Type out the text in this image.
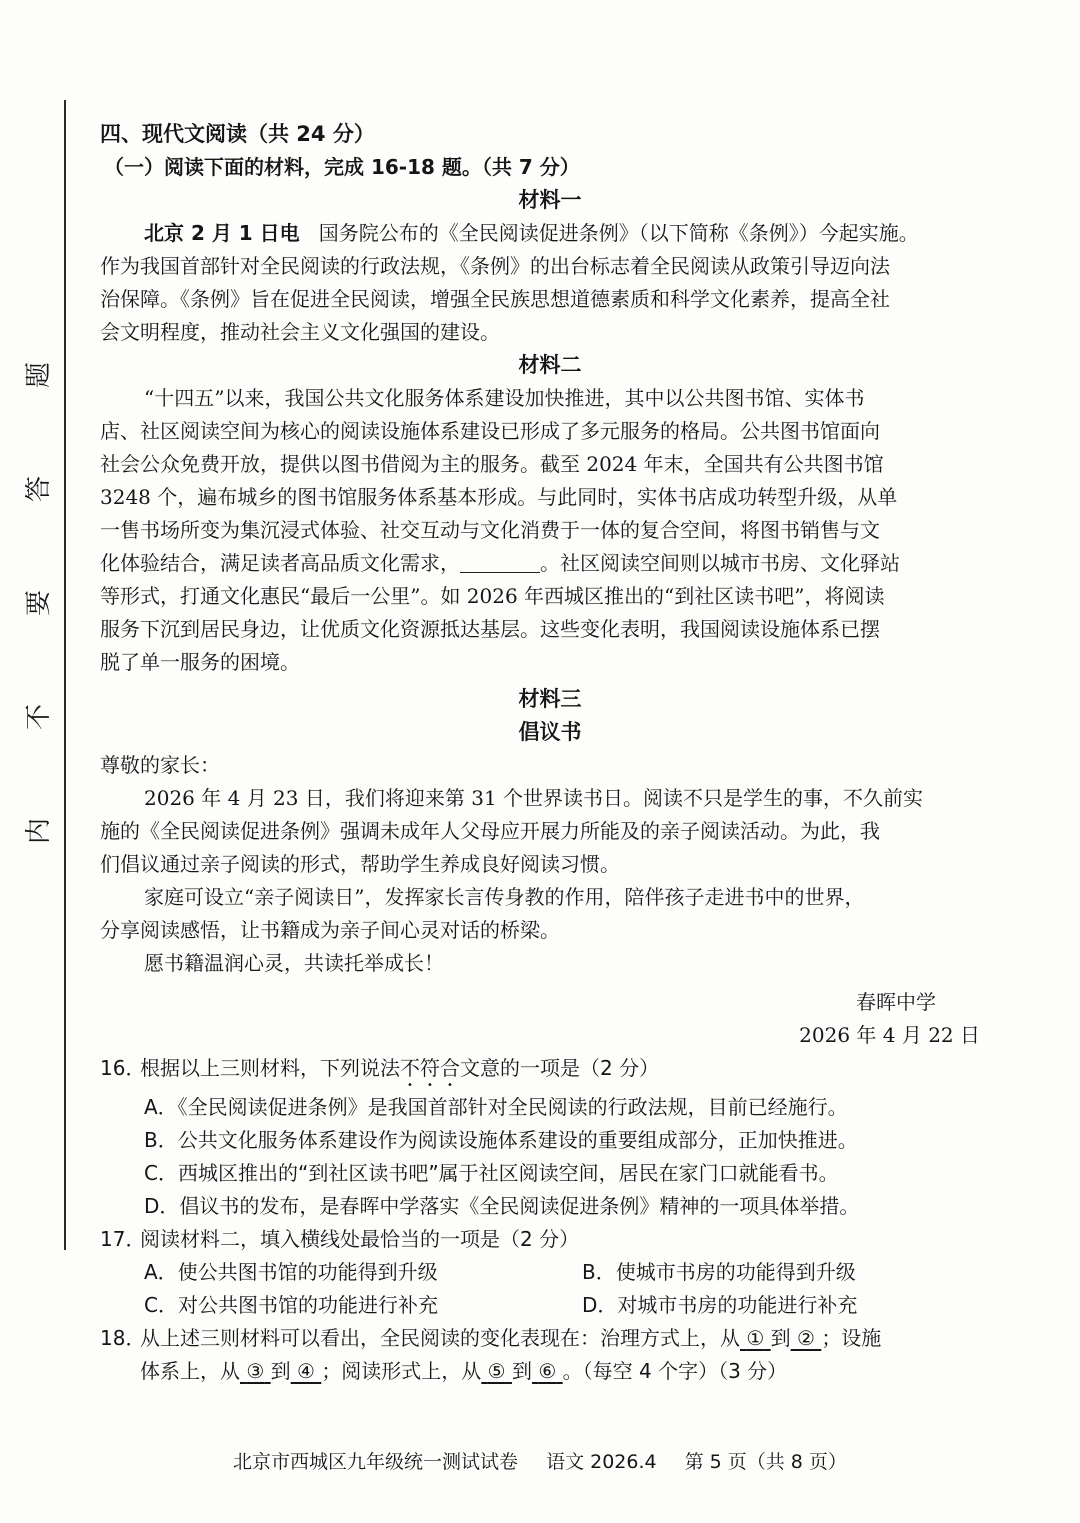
题
答
要
不
内

四、现代文阅读（共 24 分）

（一）阅读下面的材料，完成 16-18 题。（共 7 分）

材料一

北京 2 月 1 日电 国务院公布的《全民阅读促进条例》（以下简称《条例》）今起实施。

作为我国首部针对全民阅读的行政法规，《条例》的出台标志着全民阅读从政策引导迈向法

治保障。《条例》旨在促进全民阅读，增强全民族思想道德素质和科学文化素养，提高全社

会文明程度，推动社会主义文化强国的建设。

材料二

“十四五”以来，我国公共文化服务体系建设加快推进，其中以公共图书馆、实体书

店、社区阅读空间为核心的阅读设施体系建设已形成了多元服务的格局。公共图书馆面向

社会公众免费开放，提供以图书借阅为主的服务。截至 2024 年末，全国共有公共图书馆

3248 个，遍布城乡的图书馆服务体系基本形成。与此同时，实体书店成功转型升级，从单

一售书场所变为集沉浸式体验、社交互动与文化消费于一体的复合空间，将图书销售与文

化体验结合，满足读者高品质文化需求，	。社区阅读空间则以城市书房、文化驿站

等形式，打通文化惠民“最后一公里”。如 2026 年西城区推出的“到社区读书吧”，将阅读

服务下沉到居民身边，让优质文化资源抵达基层。这些变化表明，我国阅读设施体系已摆

脱了单一服务的困境。

材料三

倡议书

尊敬的家长：

2026 年 4 月 23 日，我们将迎来第 31 个世界读书日。阅读不只是学生的事，不久前实

施的《全民阅读促进条例》强调未成年人父母应开展力所能及的亲子阅读活动。为此，我

们倡议通过亲子阅读的形式，帮助学生养成良好阅读习惯。

家庭可设立“亲子阅读日”，发挥家长言传身教的作用，陪伴孩子走进书中的世界，

分享阅读感悟，让书籍成为亲子间心灵对话的桥梁。

愿书籍温润心灵，共读托举成长！

春晖中学

2026 年 4 月 22 日

16．根据以上三则材料，下列说法不符合文意的一项是（2 分）

A．《全民阅读促进条例》是我国首部针对全民阅读的行政法规，目前已经施行。

B．公共文化服务体系建设作为阅读设施体系建设的重要组成部分，正加快推进。

C．西城区推出的“到社区读书吧”属于社区阅读空间，居民在家门口就能看书。

D．倡议书的发布，是春晖中学落实《全民阅读促进条例》精神的一项具体举措。

17．阅读材料二，填入横线处最恰当的一项是（2 分）

A．使公共图书馆的功能得到升级	B．使城市书房的功能得到升级
C．对公共图书馆的功能进行补充	D．对城市书房的功能进行补充

18．从上述三则材料可以看出，全民阅读的变化表现在：治理方式上，从 ① 到 ② ；设施

体系上，从 ③ 到 ④ ；阅读形式上，从 ⑤ 到 ⑥ 。（每空 4 个字）（3 分）

北京市西城区九年级统一测试试卷 语文 2026.4 第 5 页（共 8 页）
